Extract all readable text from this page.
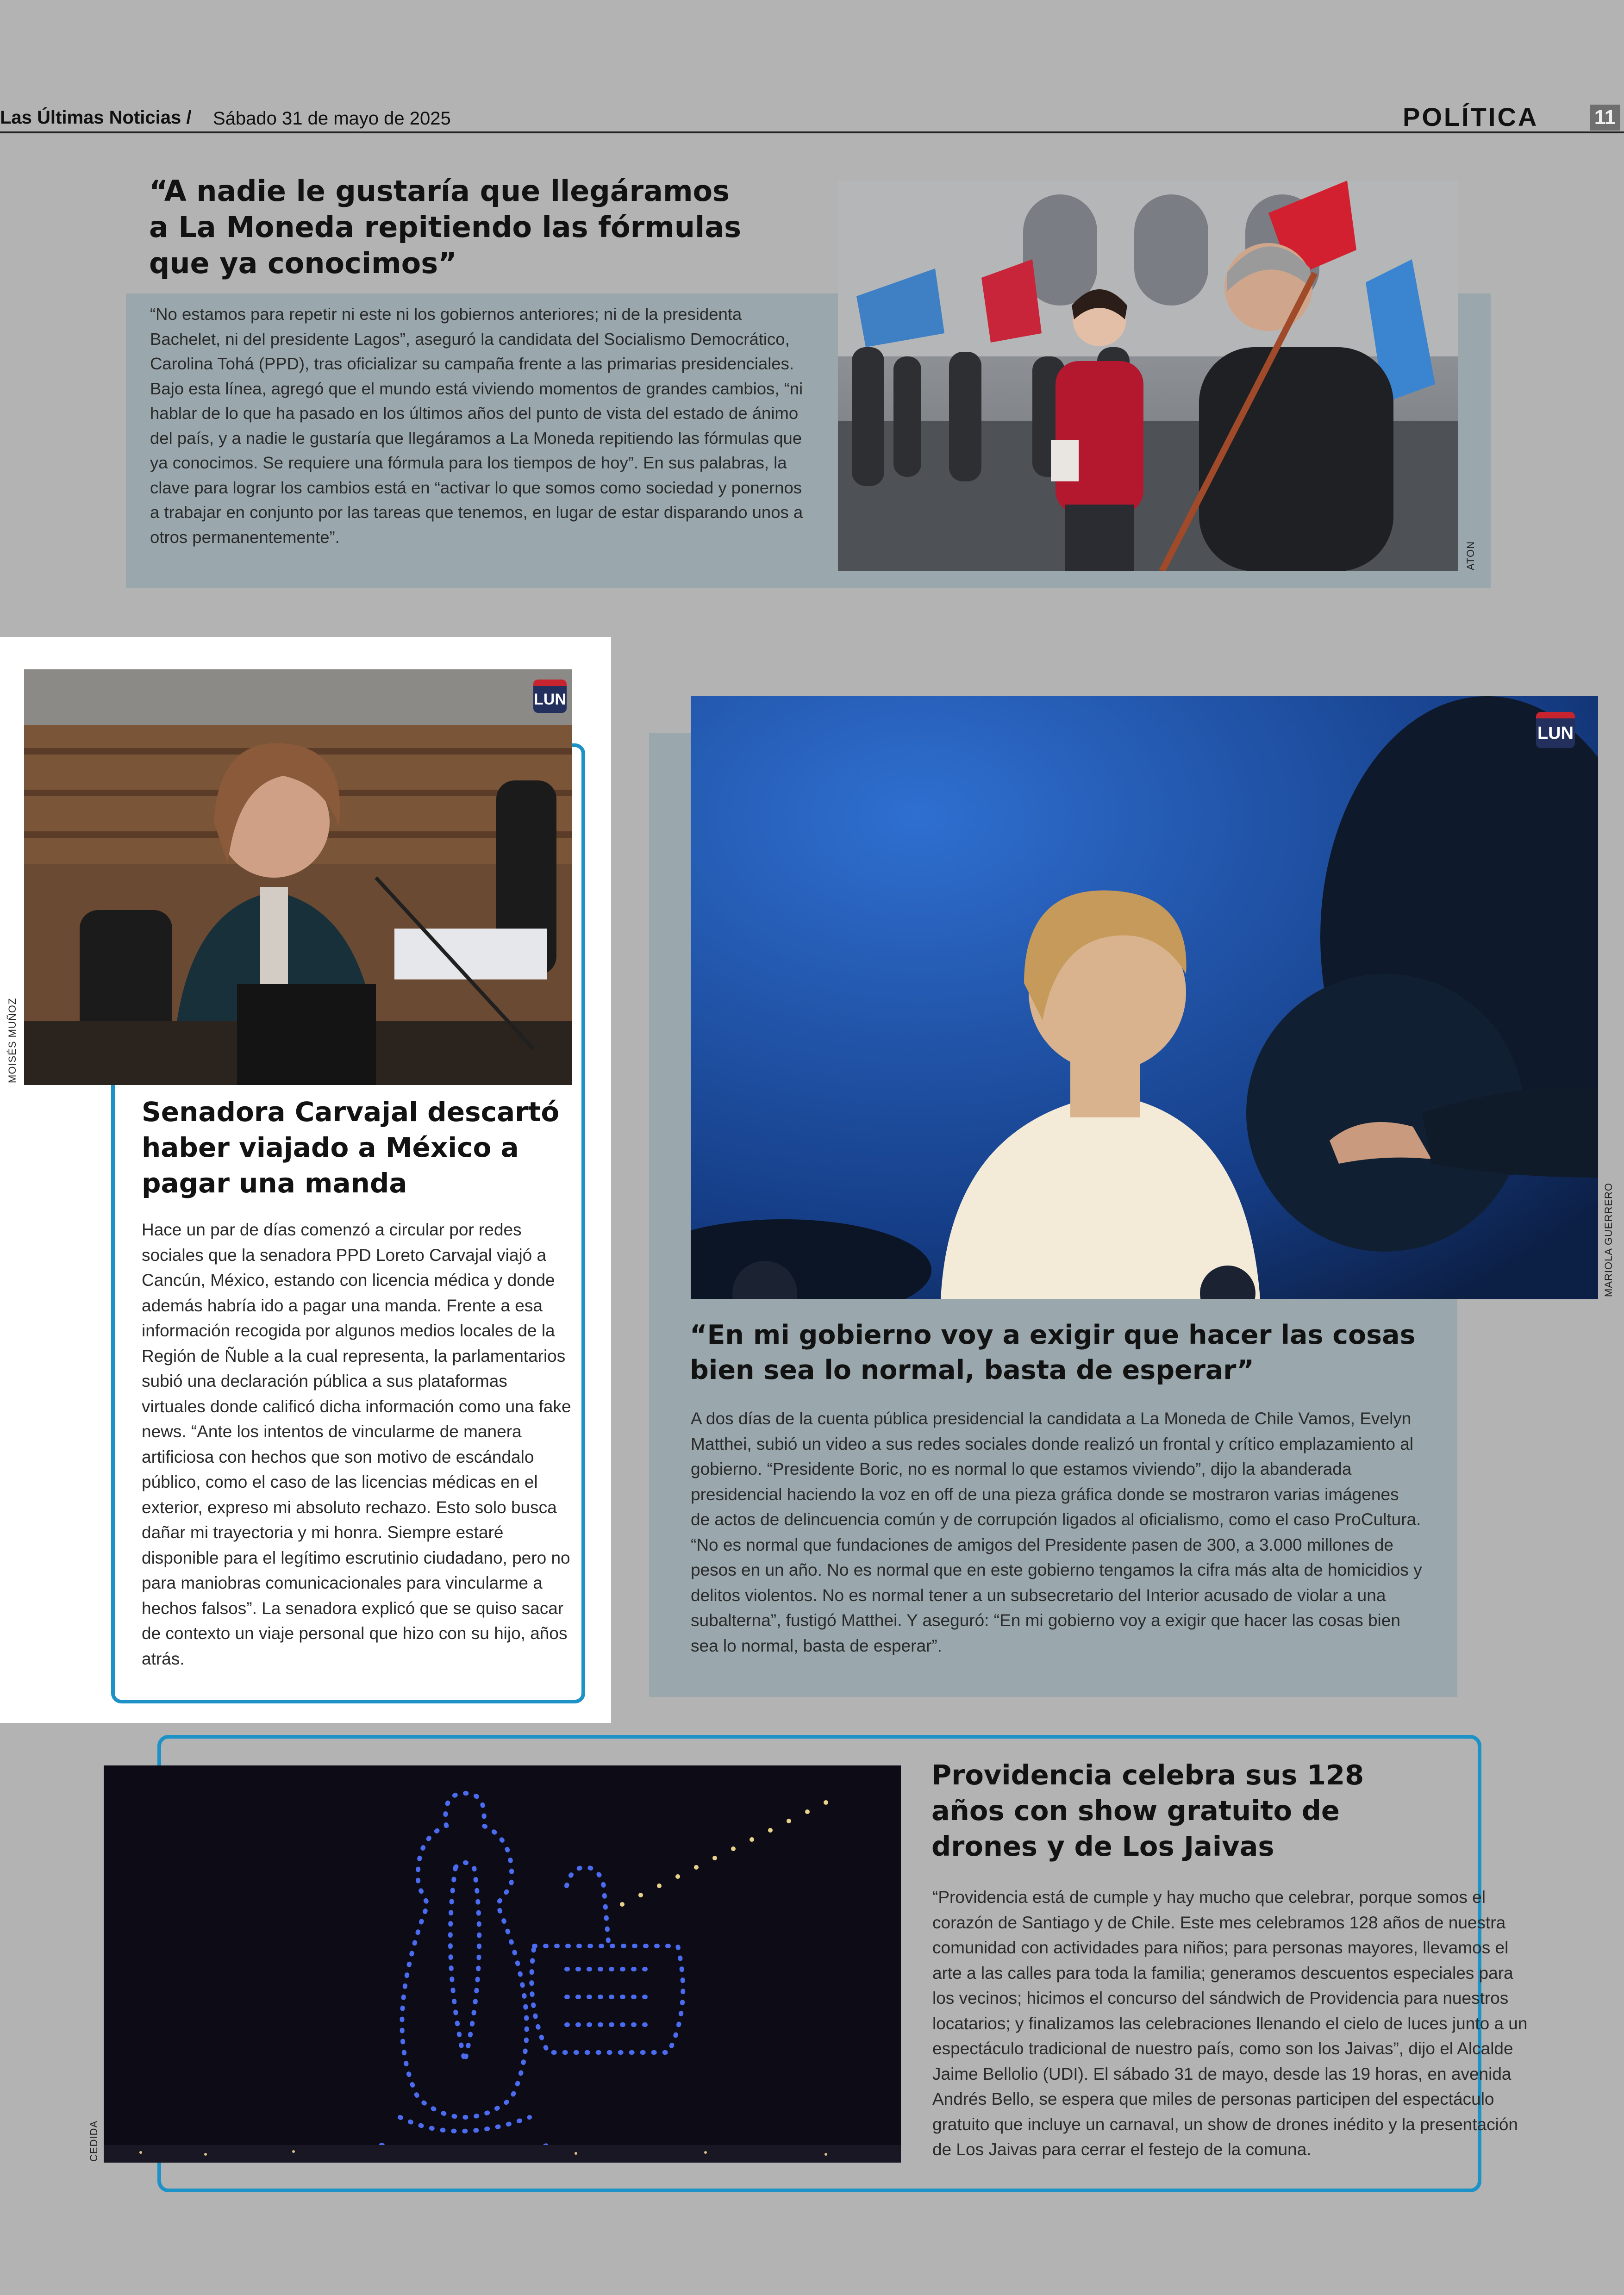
Las Últimas Noticias / Sábado 31 de mayo de 2025	POLÍTICA	11
“A nadie le gustaría que llegáramos a La Moneda repitiendo las fórmulas que ya conocimos”

“No estamos para repetir ni este ni los gobiernos anteriores; ni de la presidenta Bachelet, ni del presidente Lagos”, aseguró la candidata del Socialismo Democrático, Carolina Tohá (PPD), tras oficializar su campaña frente a las primarias presidenciales. Bajo esta línea, agregó que el mundo está viviendo momentos de grandes cambios, “ni hablar de lo que ha pasado en los últimos años del punto de vista del estado de ánimo del país, y a nadie le gustaría que llegáramos a La Moneda repitiendo las fórmulas que ya conocimos. Se requiere una fórmula para los tiempos de hoy”. En sus palabras, la clave para lograr los cambios está en “activar lo que somos como sociedad y ponernos a trabajar en conjunto por las tareas que tenemos, en lugar de estar disparando unos a otros permanentemente”.

ATON
LUN
MOISÉS MUÑOZ
Senadora Carvajal descartó haber viajado a México a pagar una manda

Hace un par de días comenzó a circular por redes sociales que la senadora PPD Loreto Carvajal viajó a Cancún, México, estando con licencia médica y donde además habría ido a pagar una manda. Frente a esa información recogida por algunos medios locales de la Región de Ñuble a la cual representa, la parlamentarios subió una declaración pública a sus plataformas virtuales donde calificó dicha información como una fake news. “Ante los intentos de vincularme de manera artificiosa con hechos que son motivo de escándalo público, como el caso de las licencias médicas en el exterior, expreso mi absoluto rechazo. Esto solo busca dañar mi trayectoria y mi honra. Siempre estaré disponible para el legítimo escrutinio ciudadano, pero no para maniobras comunicacionales para vincularme a hechos falsos”. La senadora explicó que se quiso sacar de contexto un viaje personal que hizo con su hijo, años atrás.

LUN
MARIOLA GUERRERO
“En mi gobierno voy a exigir que hacer las cosas bien sea lo normal, basta de esperar”

A dos días de la cuenta pública presidencial la candidata a La Moneda de Chile Vamos, Evelyn Matthei, subió un video a sus redes sociales donde realizó un frontal y crítico emplazamiento al gobierno. “Presidente Boric, no es normal lo que estamos viviendo”, dijo la abanderada presidencial haciendo la voz en off de una pieza gráfica donde se mostraron varias imágenes de actos de delincuencia común y de corrupción ligados al oficialismo, como el caso ProCultura. “No es normal que fundaciones de amigos del Presidente pasen de 300, a 3.000 millones de pesos en un año. No es normal que en este gobierno tengamos la cifra más alta de homicidios y delitos violentos. No es normal tener a un subsecretario del Interior acusado de violar a una subalterna”, fustigó Matthei. Y aseguró: “En mi gobierno voy a exigir que hacer las cosas bien sea lo normal, basta de esperar”.

CEDIDA
Providencia celebra sus 128 años con show gratuito de drones y de Los Jaivas

“Providencia está de cumple y hay mucho que celebrar, porque somos el corazón de Santiago y de Chile. Este mes celebramos 128 años de nuestra comunidad con actividades para niños; para personas mayores, llevamos el arte a las calles para toda la familia; generamos descuentos especiales para los vecinos; hicimos el concurso del sándwich de Providencia para nuestros locatarios; y finalizamos las celebraciones llenando el cielo de luces junto a un espectáculo tradicional de nuestro país, como son los Jaivas”, dijo el Alcalde Jaime Bellolio (UDI). El sábado 31 de mayo, desde las 19 horas, en avenida Andrés Bello, se espera que miles de personas participen del espectáculo gratuito que incluye un carnaval, un show de drones inédito y la presentación de Los Jaivas para cerrar el festejo de la comuna.
